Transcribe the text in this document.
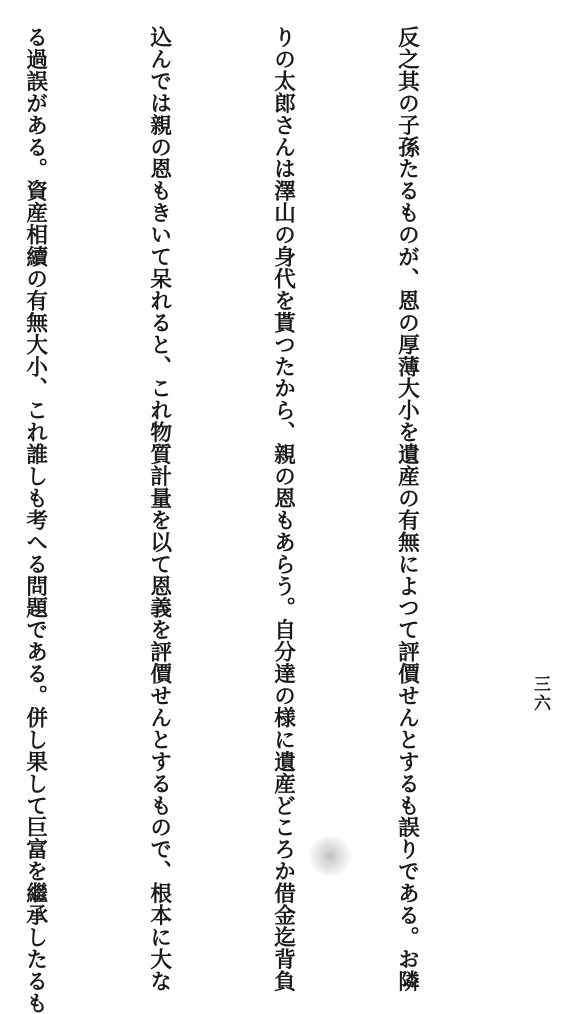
反之其の子孫たるものが、恩の厚薄大小を遺産の有無によつて評價せんとするも誤りである。お隣

りの太郎さんは澤山の身代を貰つたから、親の恩もあらう。自分達の様に遺産どころか借金迄背負

込んでは親の恩もきいて呆れると、これ物質計量を以て恩義を評價せんとするもので、根本に大な

る過誤がある。資産相續の有無大小、これ誰しも考へる問題である。併し果して巨富を繼承したるも

	三六
